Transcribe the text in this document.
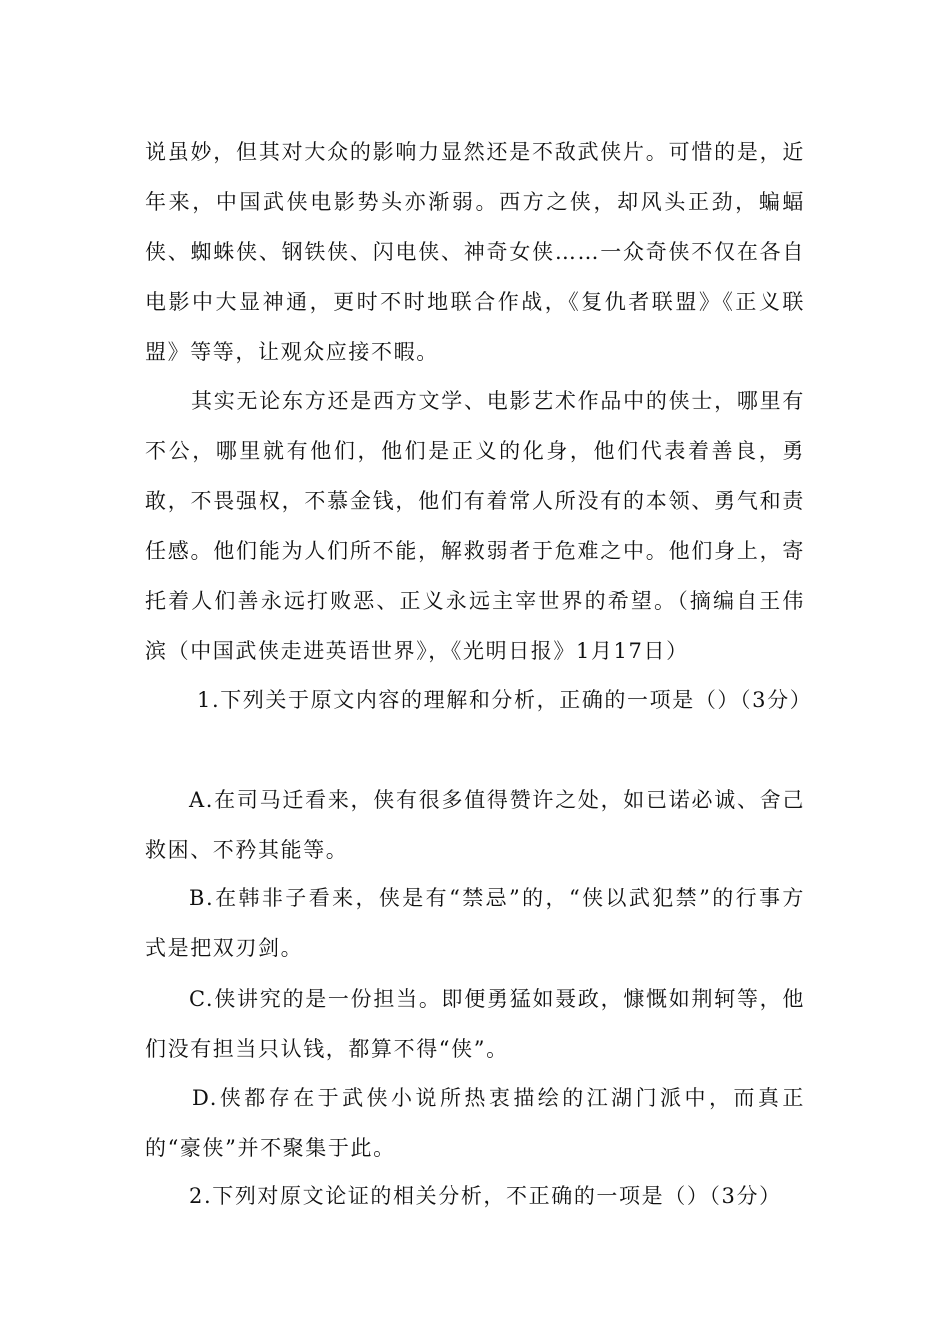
说虽妙，但其对大众的影响力显然还是不敌武侠片。可惜的是，近年来，中国武侠电影势头亦渐弱。西方之侠，却风头正劲，蝙蝠侠、蜘蛛侠、钢铁侠、闪电侠、神奇女侠……一众奇侠不仅在各自电影中大显神通，更时不时地联合作战，《复仇者联盟》《正义联盟》等等，让观众应接不暇。

其实无论东方还是西方文学、电影艺术作品中的侠士，哪里有不公，哪里就有他们，他们是正义的化身，他们代表着善良，勇敢，不畏强权，不慕金钱，他们有着常人所没有的本领、勇气和责任感。他们能为人们所不能，解救弱者于危难之中。他们身上，寄托着人们善永远打败恶、正义永远主宰世界的希望。（摘编自王伟滨（中国武侠走进英语世界》，《光明日报》1月17日）

1.下列关于原文内容的理解和分析，正确的一项是（）（3分）

A.在司马迁看来，侠有很多值得赞许之处，如已诺必诚、舍己救困、不矜其能等。

B.在韩非子看来，侠是有“禁忌”的，“侠以武犯禁”的行事方式是把双刃剑。

C.侠讲究的是一份担当。即便勇猛如聂政，慷慨如荆轲等，他们没有担当只认钱，都算不得“侠”。

D.侠都存在于武侠小说所热衷描绘的江湖门派中，而真正的“豪侠”并不聚集于此。

2.下列对原文论证的相关分析，不正确的一项是（）（3分）
